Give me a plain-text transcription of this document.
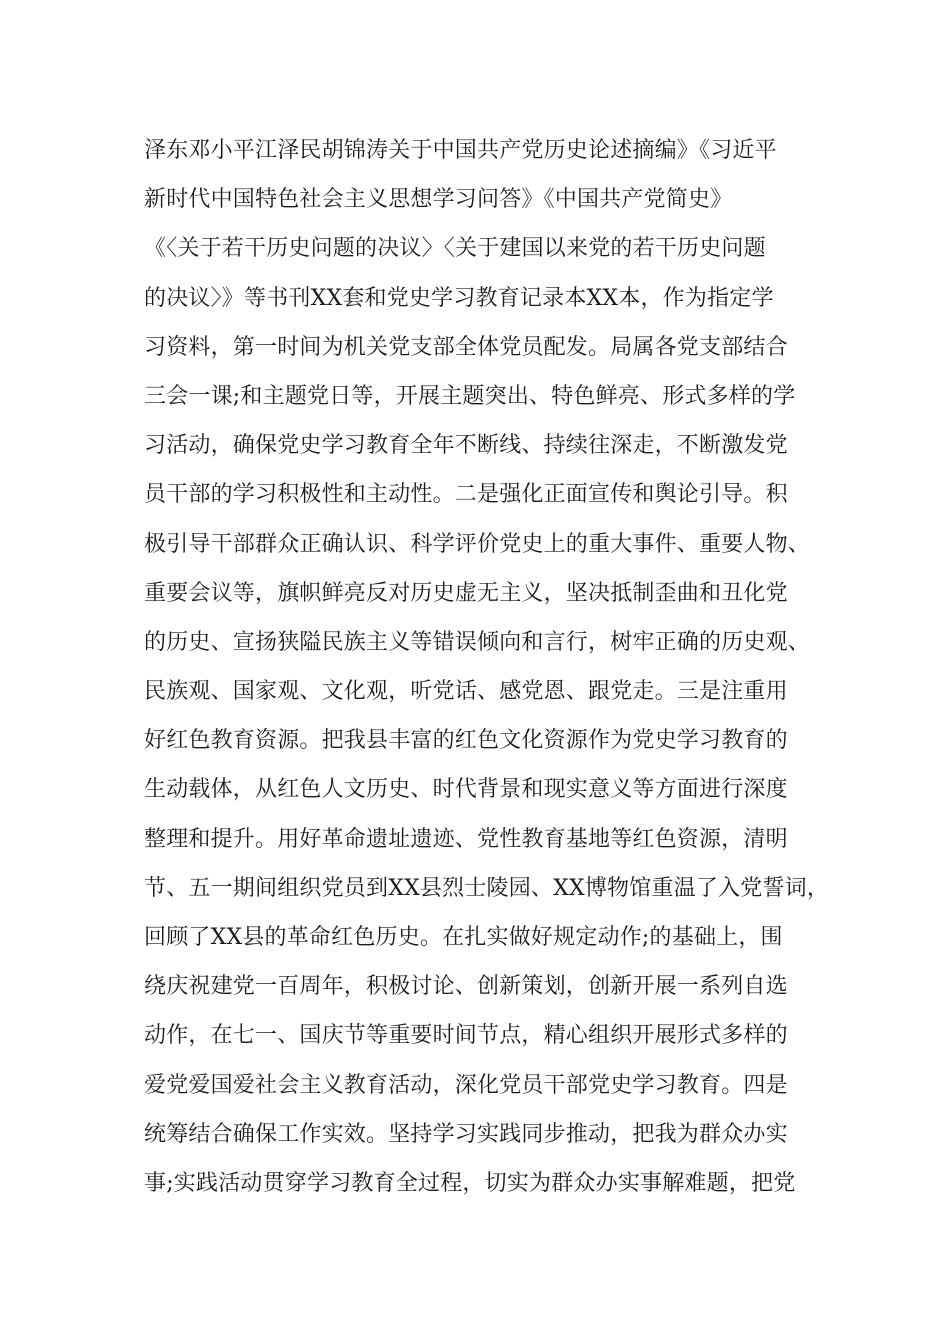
泽东邓小平江泽民胡锦涛关于中国共产党历史论述摘编》《习近平
新时代中国特色社会主义思想学习问答》《中国共产党简史》
《〈关于若干历史问题的决议〉〈关于建国以来党的若干历史问题
的决议〉》等书刊XX套和党史学习教育记录本XX本，作为指定学
习资料，第一时间为机关党支部全体党员配发。局属各党支部结合
三会一课;和主题党日等，开展主题突出、特色鲜亮、形式多样的学
习活动，确保党史学习教育全年不断线、持续往深走，不断激发党
员干部的学习积极性和主动性。二是强化正面宣传和舆论引导。积
极引导干部群众正确认识、科学评价党史上的重大事件、重要人物、
重要会议等，旗帜鲜亮反对历史虚无主义，坚决抵制歪曲和丑化党
的历史、宣扬狭隘民族主义等错误倾向和言行，树牢正确的历史观、
民族观、国家观、文化观，听党话、感党恩、跟党走。三是注重用
好红色教育资源。把我县丰富的红色文化资源作为党史学习教育的
生动载体，从红色人文历史、时代背景和现实意义等方面进行深度
整理和提升。用好革命遗址遗迹、党性教育基地等红色资源，清明
节、五一期间组织党员到XX县烈士陵园、XX博物馆重温了入党誓词，
回顾了XX县的革命红色历史。在扎实做好规定动作;的基础上，围
绕庆祝建党一百周年，积极讨论、创新策划，创新开展一系列自选
动作，在七一、国庆节等重要时间节点，精心组织开展形式多样的
爱党爱国爱社会主义教育活动，深化党员干部党史学习教育。四是
统筹结合确保工作实效。坚持学习实践同步推动，把我为群众办实
事;实践活动贯穿学习教育全过程，切实为群众办实事解难题，把党
